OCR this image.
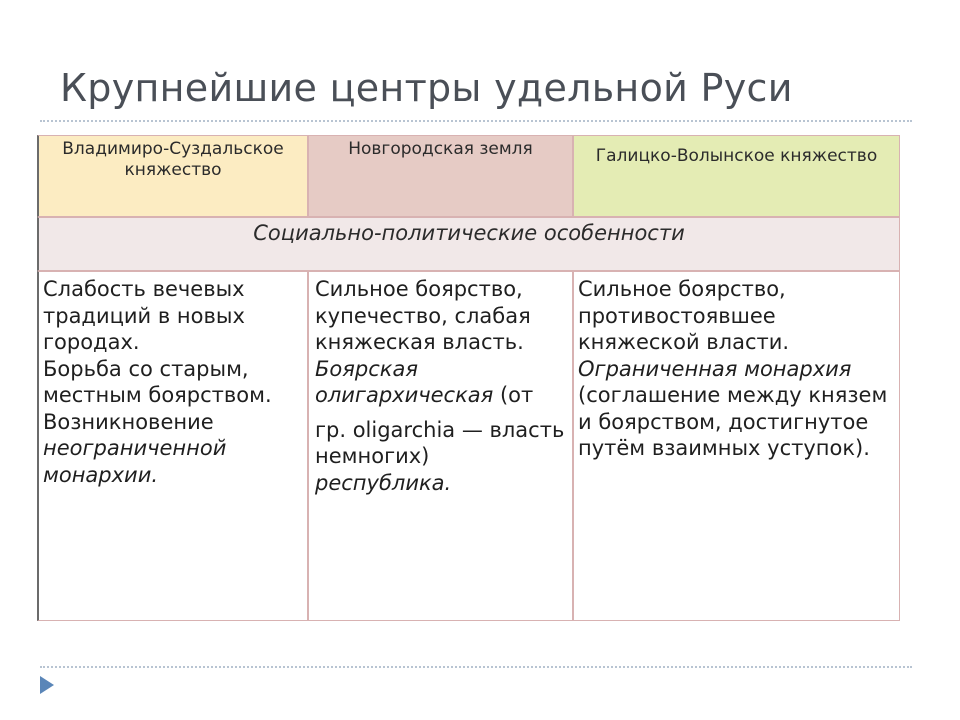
Крупнейшие центры удельной Руси
Владимиро-Суздальское княжество
Новгородская земля	Галицко-Волынское княжество
Социально-политические особенности

Слабость вечевых традиций в новых городах.

Борьба со старым, местным боярством.

Возникновение неограниченной монархии.

Сильное боярство, купечество, слабая княжеская власть.

Боярская олигархическая (от

гр. oligarchia — власть немногих)

республика.

Сильное боярство, противостоявшее княжеской власти.

Ограниченная монархия (соглашение между князем и боярством, достигнутое путём взаимных уступок).
